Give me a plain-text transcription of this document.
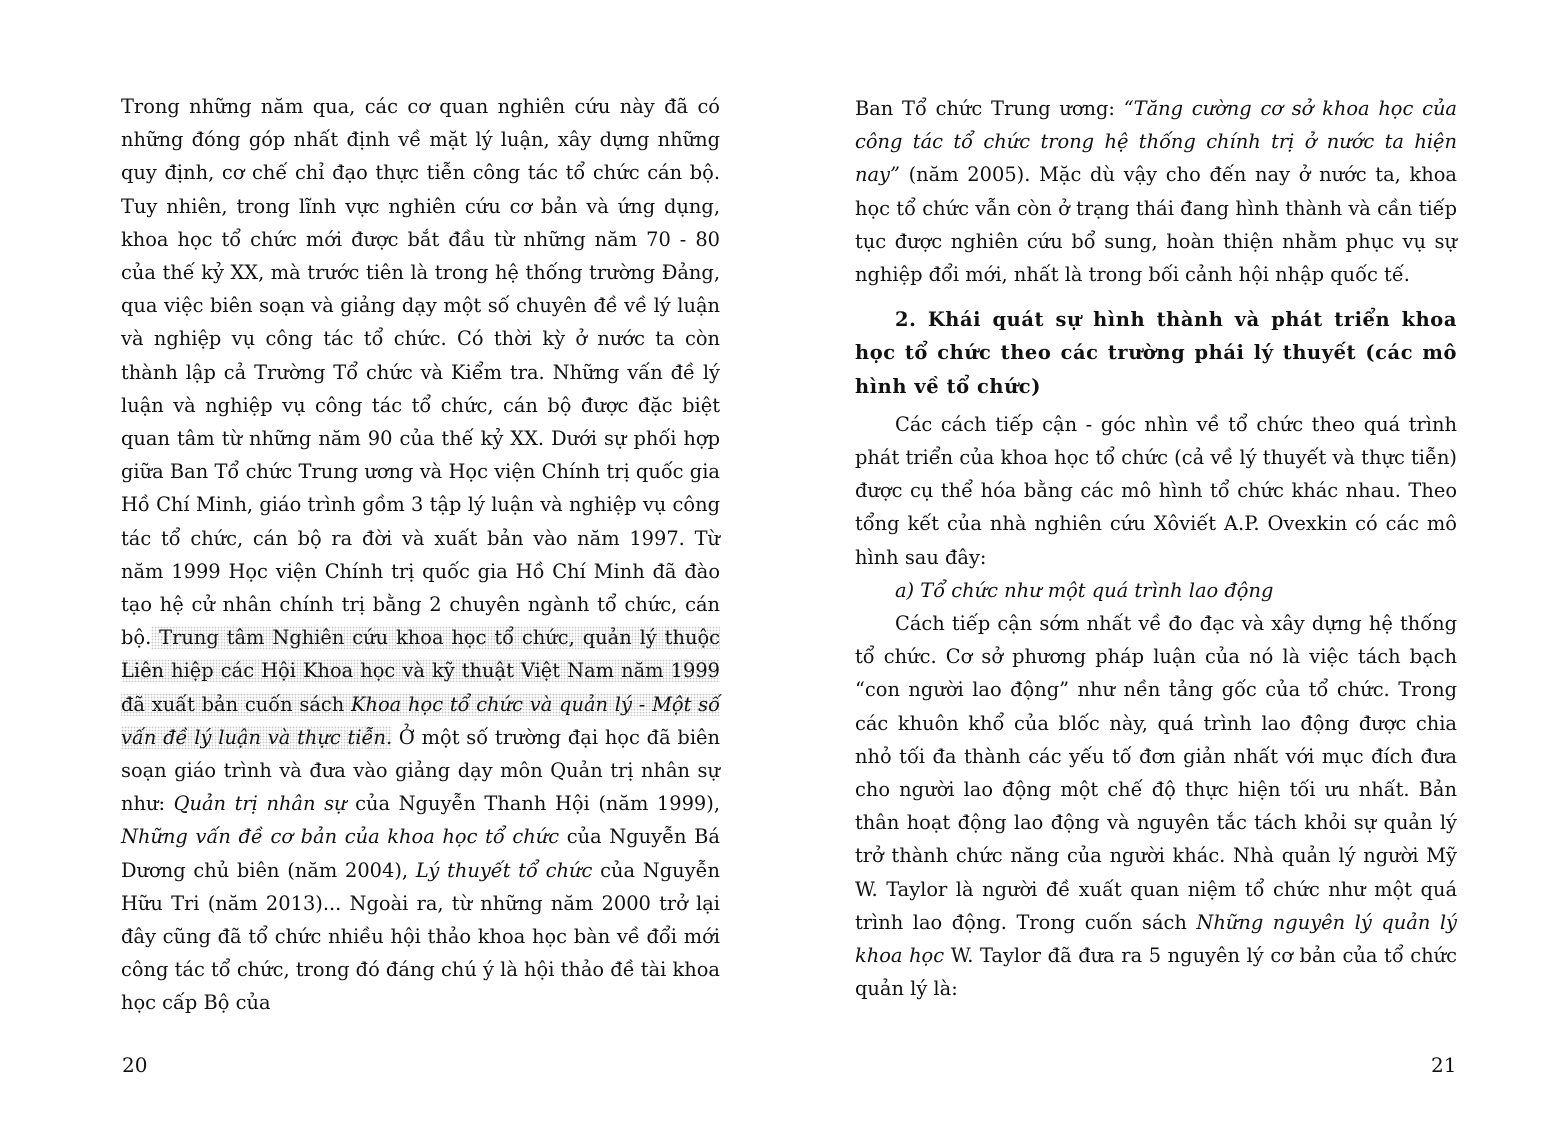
Trong những năm qua, các cơ quan nghiên cứu này đã có những đóng góp nhất định về mặt lý luận, xây dựng những quy định, cơ chế chỉ đạo thực tiễn công tác tổ chức cán bộ. Tuy nhiên, trong lĩnh vực nghiên cứu cơ bản và ứng dụng, khoa học tổ chức mới được bắt đầu từ những năm 70 - 80 của thế kỷ XX, mà trước tiên là trong hệ thống trường Đảng, qua việc biên soạn và giảng dạy một số chuyên đề về lý luận và nghiệp vụ công tác tổ chức. Có thời kỳ ở nước ta còn thành lập cả Trường Tổ chức và Kiểm tra. Những vấn đề lý luận và nghiệp vụ công tác tổ chức, cán bộ được đặc biệt quan tâm từ những năm 90 của thế kỷ XX. Dưới sự phối hợp giữa Ban Tổ chức Trung ương và Học viện Chính trị quốc gia Hồ Chí Minh, giáo trình gồm 3 tập lý luận và nghiệp vụ công tác tổ chức, cán bộ ra đời và xuất bản vào năm 1997. Từ năm 1999 Học viện Chính trị quốc gia Hồ Chí Minh đã đào tạo hệ cử nhân chính trị bằng 2 chuyên ngành tổ chức, cán bộ. Trung tâm Nghiên cứu khoa học tổ chức, quản lý thuộc Liên hiệp các Hội Khoa học và kỹ thuật Việt Nam năm 1999 đã xuất bản cuốn sách Khoa học tổ chức và quản lý - Một số vấn đề lý luận và thực tiễn. Ở một số trường đại học đã biên soạn giáo trình và đưa vào giảng dạy môn Quản trị nhân sự như: Quản trị nhân sự của Nguyễn Thanh Hội (năm 1999), Những vấn đề cơ bản của khoa học tổ chức của Nguyễn Bá Dương chủ biên (năm 2004), Lý thuyết tổ chức của Nguyễn Hữu Tri (năm 2013)... Ngoài ra, từ những năm 2000 trở lại đây cũng đã tổ chức nhiều hội thảo khoa học bàn về đổi mới công tác tổ chức, trong đó đáng chú ý là hội thảo đề tài khoa học cấp Bộ của

20

Ban Tổ chức Trung ương: “Tăng cường cơ sở khoa học của công tác tổ chức trong hệ thống chính trị ở nước ta hiện nay” (năm 2005). Mặc dù vậy cho đến nay ở nước ta, khoa học tổ chức vẫn còn ở trạng thái đang hình thành và cần tiếp tục được nghiên cứu bổ sung, hoàn thiện nhằm phục vụ sự nghiệp đổi mới, nhất là trong bối cảnh hội nhập quốc tế.

2. Khái quát sự hình thành và phát triển khoa học tổ chức theo các trường phái lý thuyết (các mô hình về tổ chức)

Các cách tiếp cận - góc nhìn về tổ chức theo quá trình phát triển của khoa học tổ chức (cả về lý thuyết và thực tiễn) được cụ thể hóa bằng các mô hình tổ chức khác nhau. Theo tổng kết của nhà nghiên cứu Xôviết A.P. Ovexkin có các mô hình sau đây:

a) Tổ chức như một quá trình lao động

Cách tiếp cận sớm nhất về đo đạc và xây dựng hệ thống tổ chức. Cơ sở phương pháp luận của nó là việc tách bạch “con người lao động” như nền tảng gốc của tổ chức. Trong các khuôn khổ của blốc này, quá trình lao động được chia nhỏ tối đa thành các yếu tố đơn giản nhất với mục đích đưa cho người lao động một chế độ thực hiện tối ưu nhất. Bản thân hoạt động lao động và nguyên tắc tách khỏi sự quản lý trở thành chức năng của người khác. Nhà quản lý người Mỹ W. Taylor là người đề xuất quan niệm tổ chức như một quá trình lao động. Trong cuốn sách Những nguyên lý quản lý khoa học W. Taylor đã đưa ra 5 nguyên lý cơ bản của tổ chức quản lý là:

21
